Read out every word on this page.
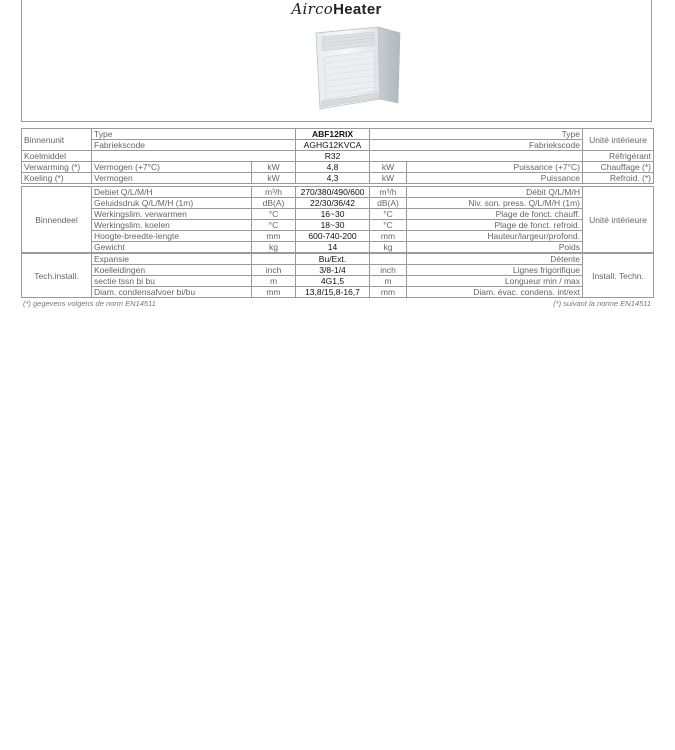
AircoHeater
Binnenunit	Type		ABF12RIX	Type		Unité intérieure
	Fabriekscode		AGHG12KVCA	Fabriekscode		
Koelmiddel			R32			Réfrigérant
Verwarming (*)	Vermogen (+7°C)	kW	4,8	kW	Puissance (+7°C)	Chauffage (*)
Koeling (*)	Vermogen	kW	4,3	kW	Puissance	Refroid. (*)
Binnendeel	Debiet Q/L/M/H	m³/h	270/380/490/600	m³/h	Débit Q/L/M/H	Unité intérieure
	Geluidsdruk Q/L/M/H (1m)	dB(A)	22/30/36/42	dB(A)	Niv. son. press. Q/L/M/H (1m)	
	Werkingslim. verwarmen	°C	16~30	°C	Plage de fonct. chauff.	
	Werkingslim. koelen	°C	18~30	°C	Plage de fonct. refroid.	
	Hoogte-breedte-lengte	mm	600-740-200	mm	Hauteur/largeur/profond.	
	Gewicht	kg	14	kg	Poids	
Tech.install.	Expansie		Bu/Ext.		Détente	Install. Techn.
	Koelleidingen	inch	3/8-1/4	inch	Lignes frigorifique	
	sectie tssn bi bu	m	4G1,5	m	Longueur min / max	
	Diam. condensafvoer bi/bu	mm	13,8/15,8-16,7	mm	Diam. évac. condens. int/ext	
(*) gegevens volgens de norm EN14511	(*) suivant la norme EN14511
